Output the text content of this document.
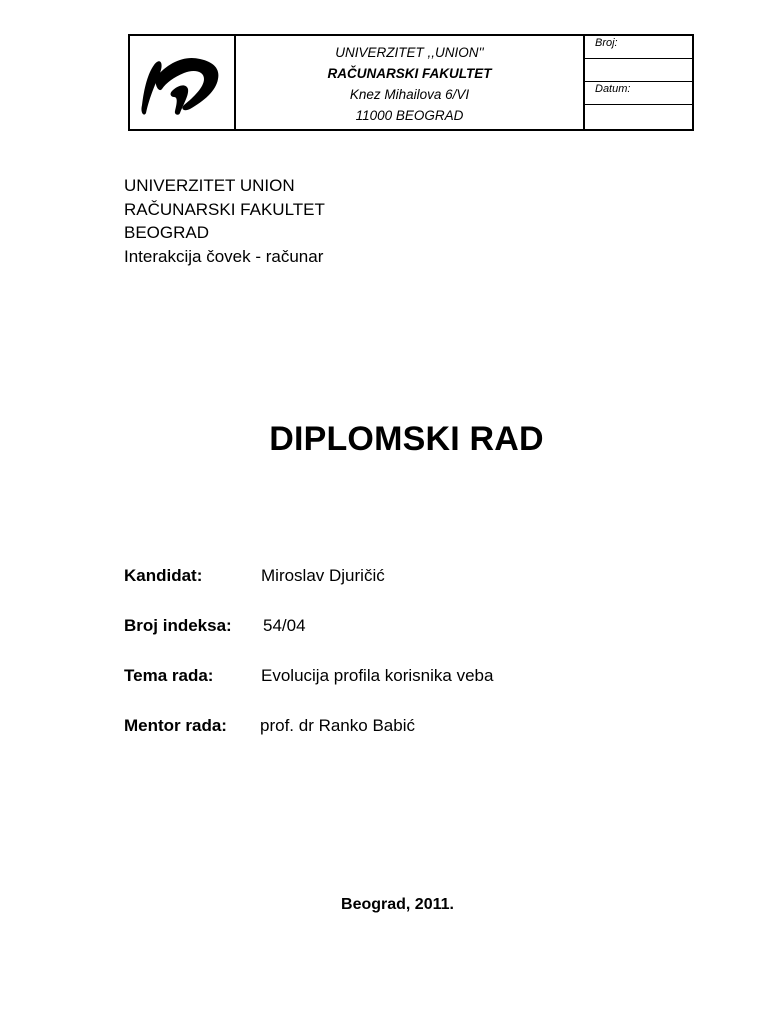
UNIVERZITET ,,UNION''
RAČUNARSKI FAKULTET
Knez Mihailova 6/VI
11000 BEOGRAD
Broj:
Datum:
UNIVERZITET UNION
RAČUNARSKI FAKULTET
BEOGRAD
Interakcija čovek - računar
DIPLOMSKI RAD
Kandidat:	Miroslav Djuričić
Broj indeksa: 54/04
Tema rada:	Evolucija profila korisnika veba
Mentor rada: prof. dr Ranko Babić
Beograd, 2011.
